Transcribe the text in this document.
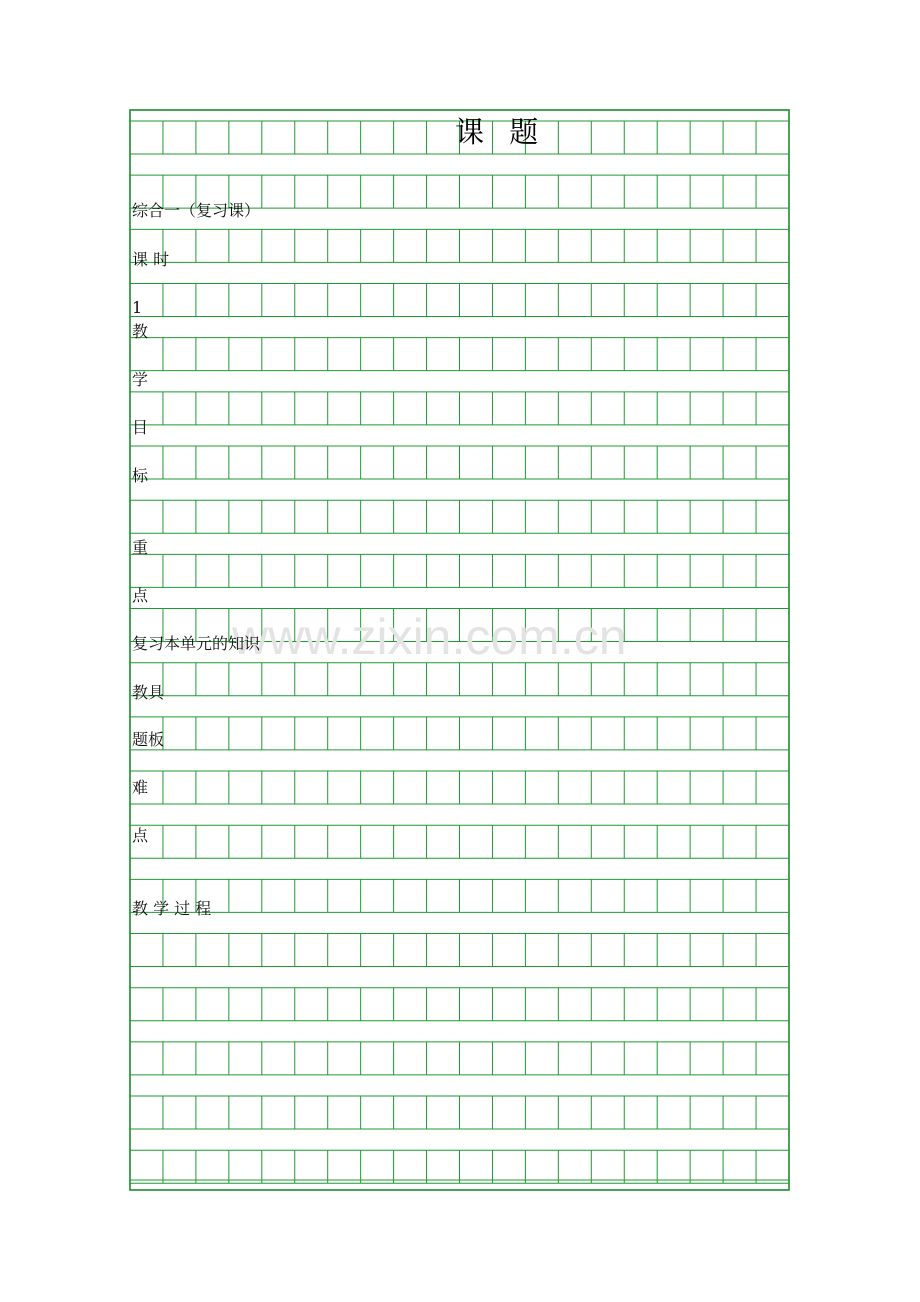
www.zixin.com.cn
课 题
综合一（复习课）
课 时
1
教
学
目
标
重
点
复习本单元的知识
教具
题板
难
点
教 学 过 程
